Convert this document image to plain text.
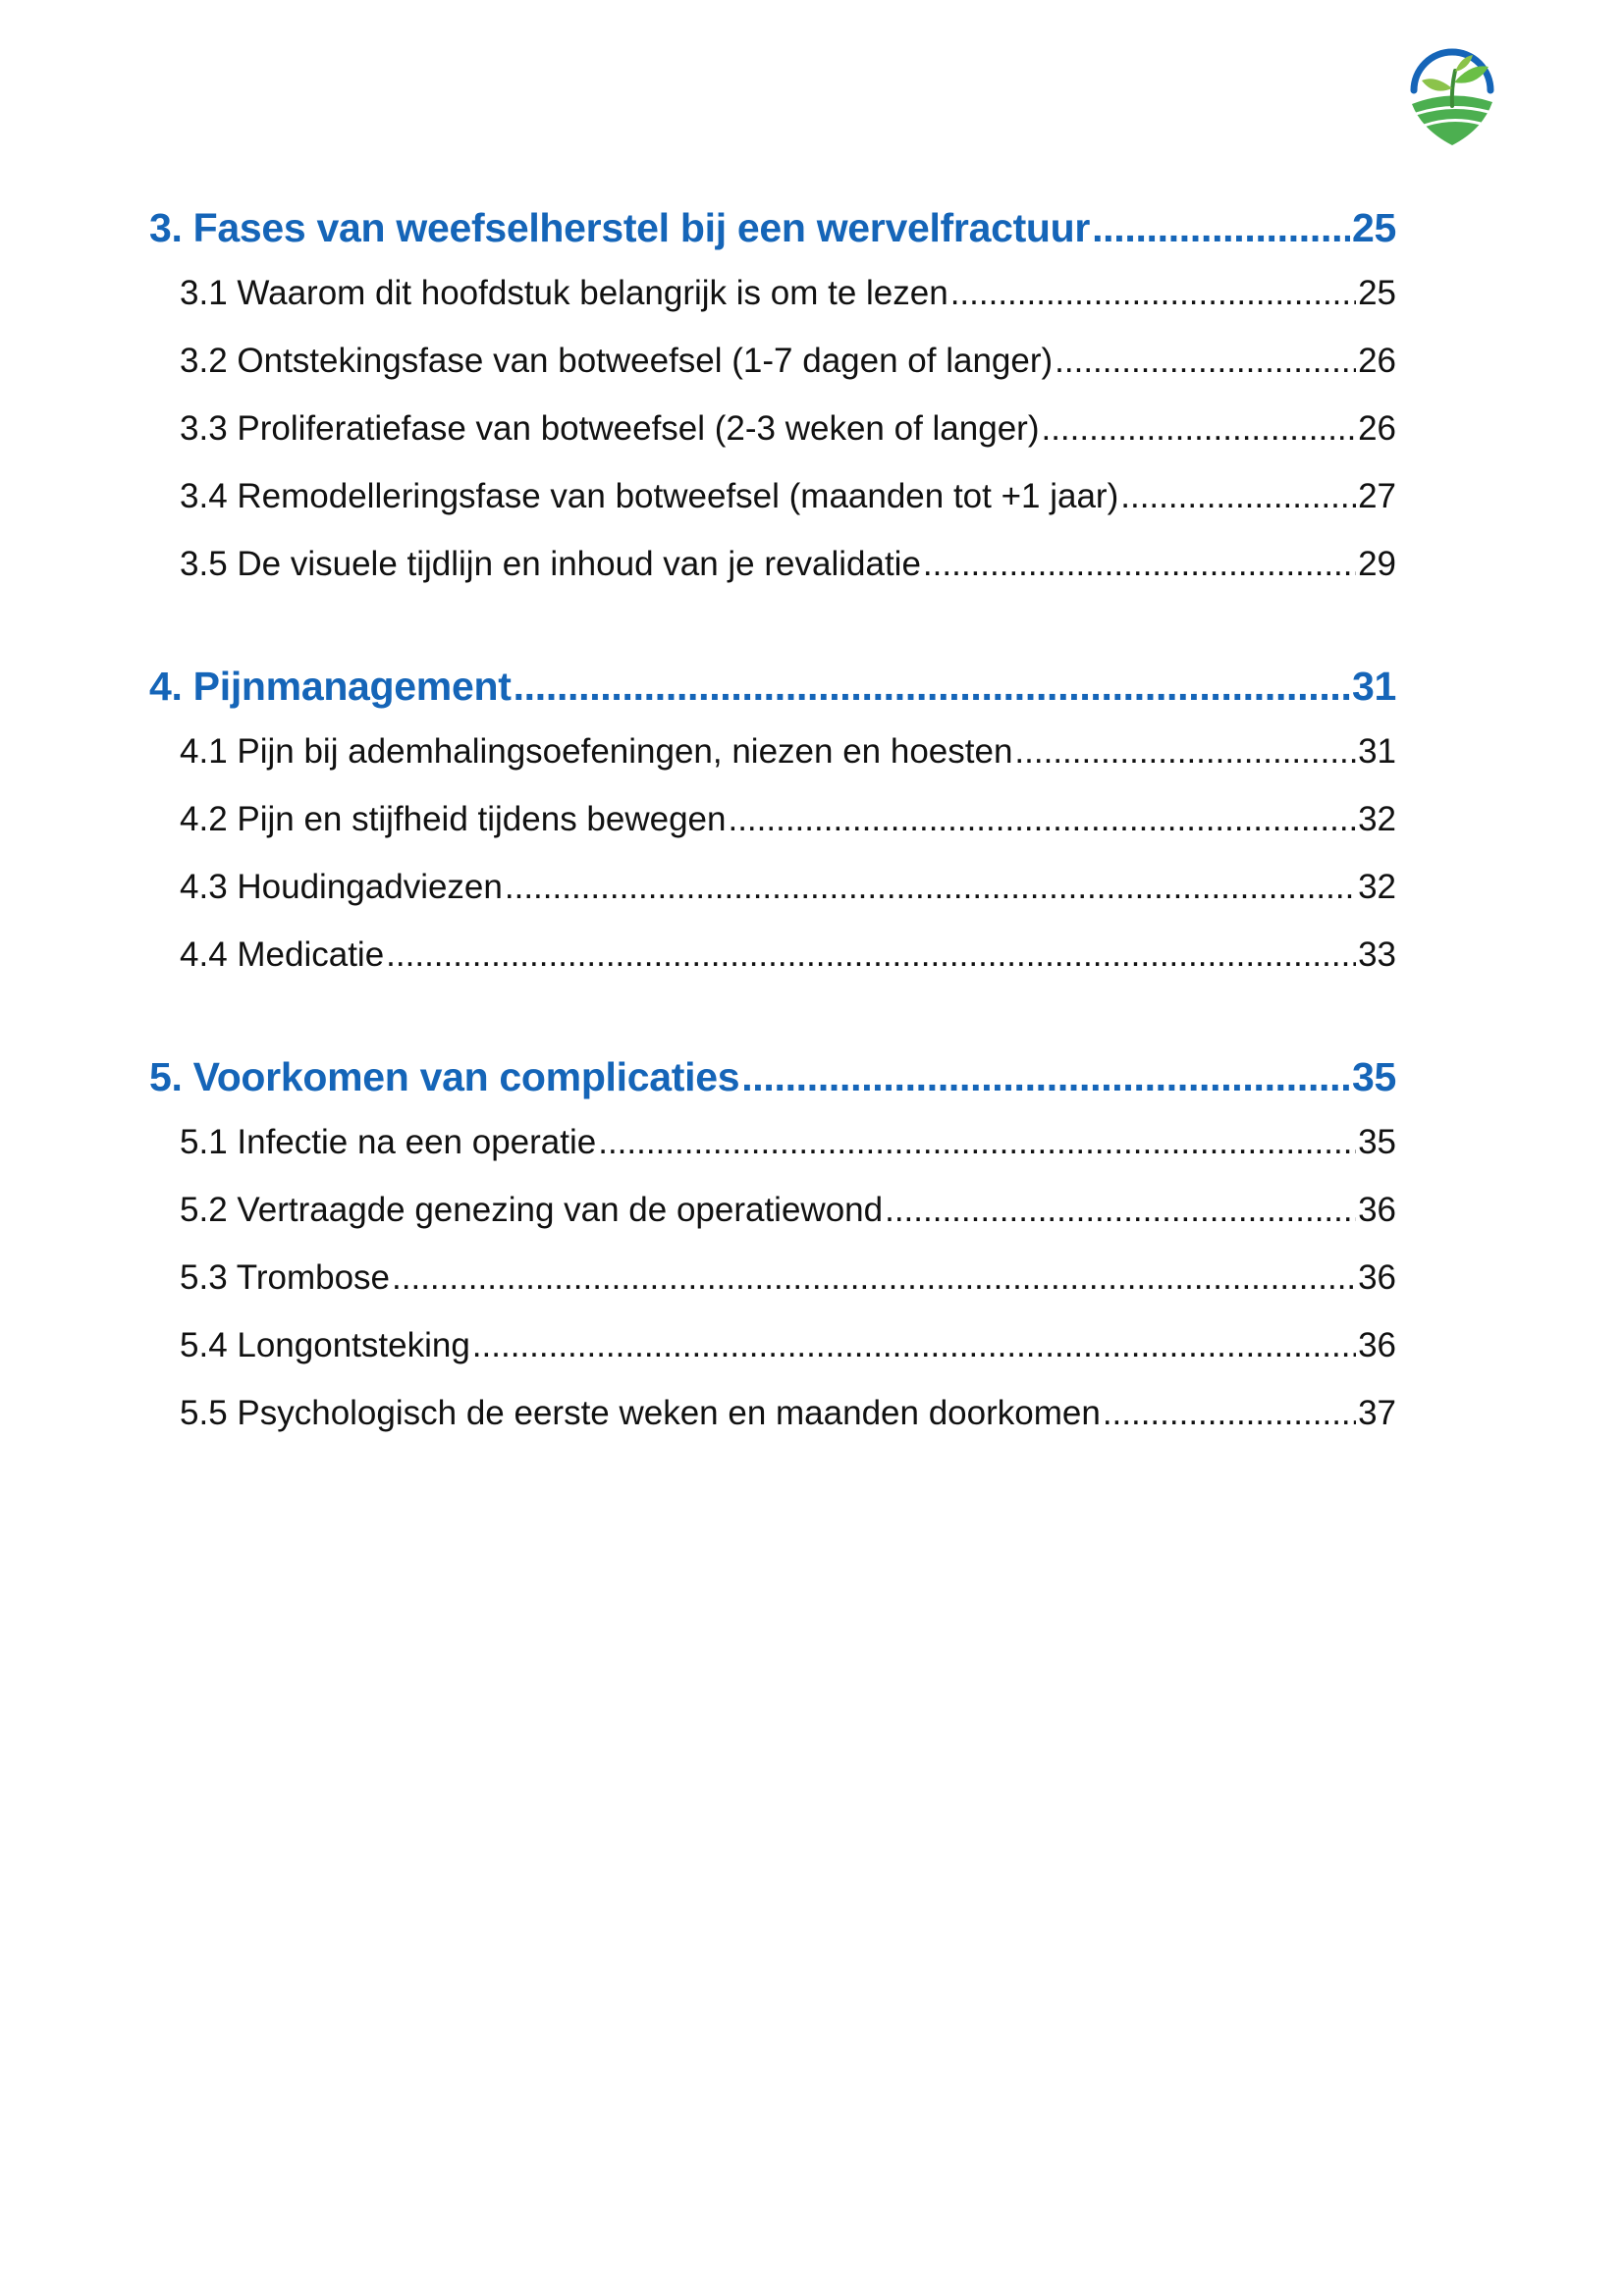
3. Fases van weefselherstel bij een wervelfractuur .....	25
3.1 Waarom dit hoofdstuk belangrijk is om te lezen .....	25
3.2 Ontstekingsfase van botweefsel (1-7 dagen of langer) .....	26
3.3 Proliferatiefase van botweefsel (2-3 weken of langer) .....	26
3.4 Remodelleringsfase van botweefsel (maanden tot +1 jaar) .....	27
3.5 De visuele tijdlijn en inhoud van je revalidatie .....	29
4. Pijnmanagement .....	31
4.1 Pijn bij ademhalingsoefeningen, niezen en hoesten .....	31
4.2 Pijn en stijfheid tijdens bewegen .....	32
4.3 Houdingadviezen .....	32
4.4 Medicatie .....	33
5. Voorkomen van complicaties .....	35
5.1 Infectie na een operatie .....	35
5.2 Vertraagde genezing van de operatiewond .....	36
5.3 Trombose .....	36
5.4 Longontsteking .....	36
5.5 Psychologisch de eerste weken en maanden doorkomen .....	37
